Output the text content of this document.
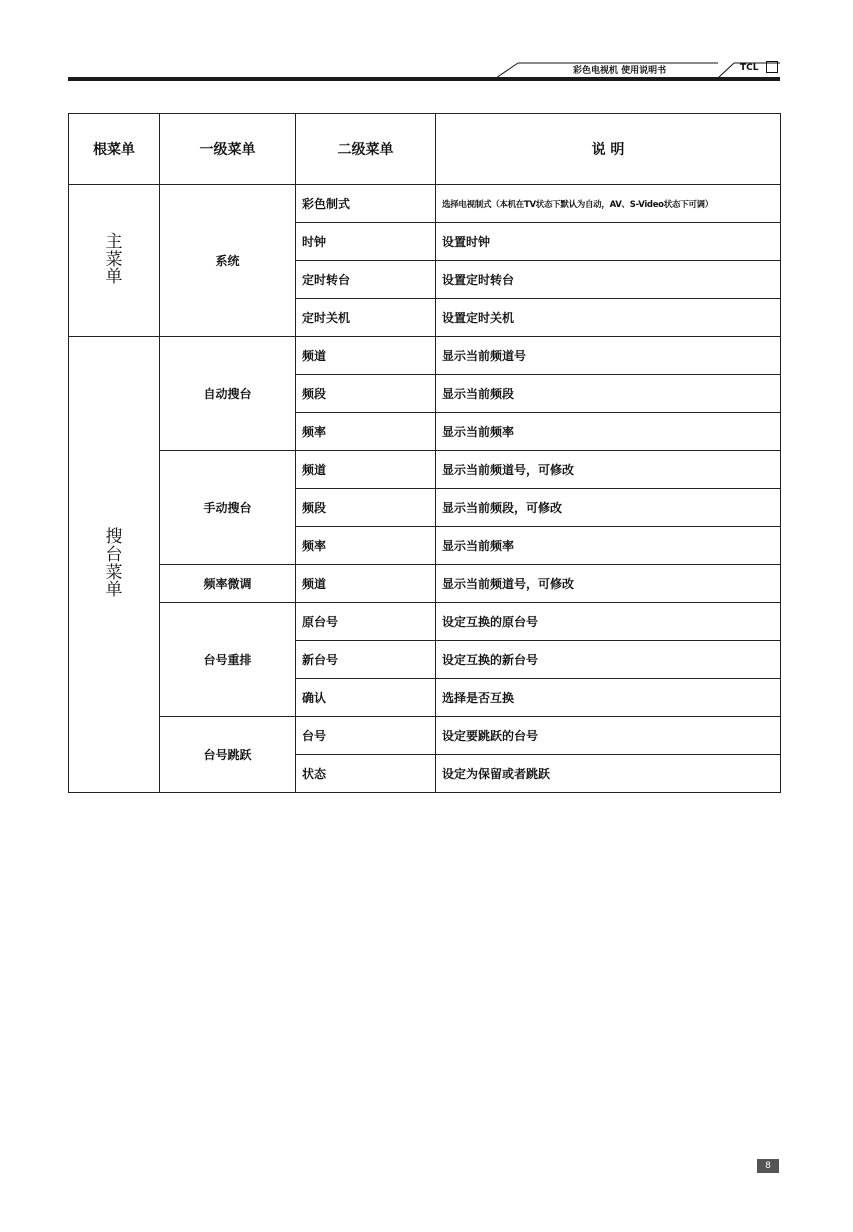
彩色电视机 使用说明书	TCL
根菜单	一级菜单	二级菜单	说 明
主菜单	系统	彩色制式	选择电视制式（本机在TV状态下默认为自动，AV、S-Video状态下可调）
		时钟	设置时钟
		定时转台	设置定时转台
		定时关机	设置定时关机
搜台菜单	自动搜台	频道	显示当前频道号
		频段	显示当前频段
		频率	显示当前频率
	手动搜台	频道	显示当前频道号，可修改
		频段	显示当前频段，可修改
		频率	显示当前频率
	频率微调	频道	显示当前频道号，可修改
	台号重排	原台号	设定互换的原台号
		新台号	设定互换的新台号
		确认	选择是否互换
	台号跳跃	台号	设定要跳跃的台号
		状态	设定为保留或者跳跃
8
